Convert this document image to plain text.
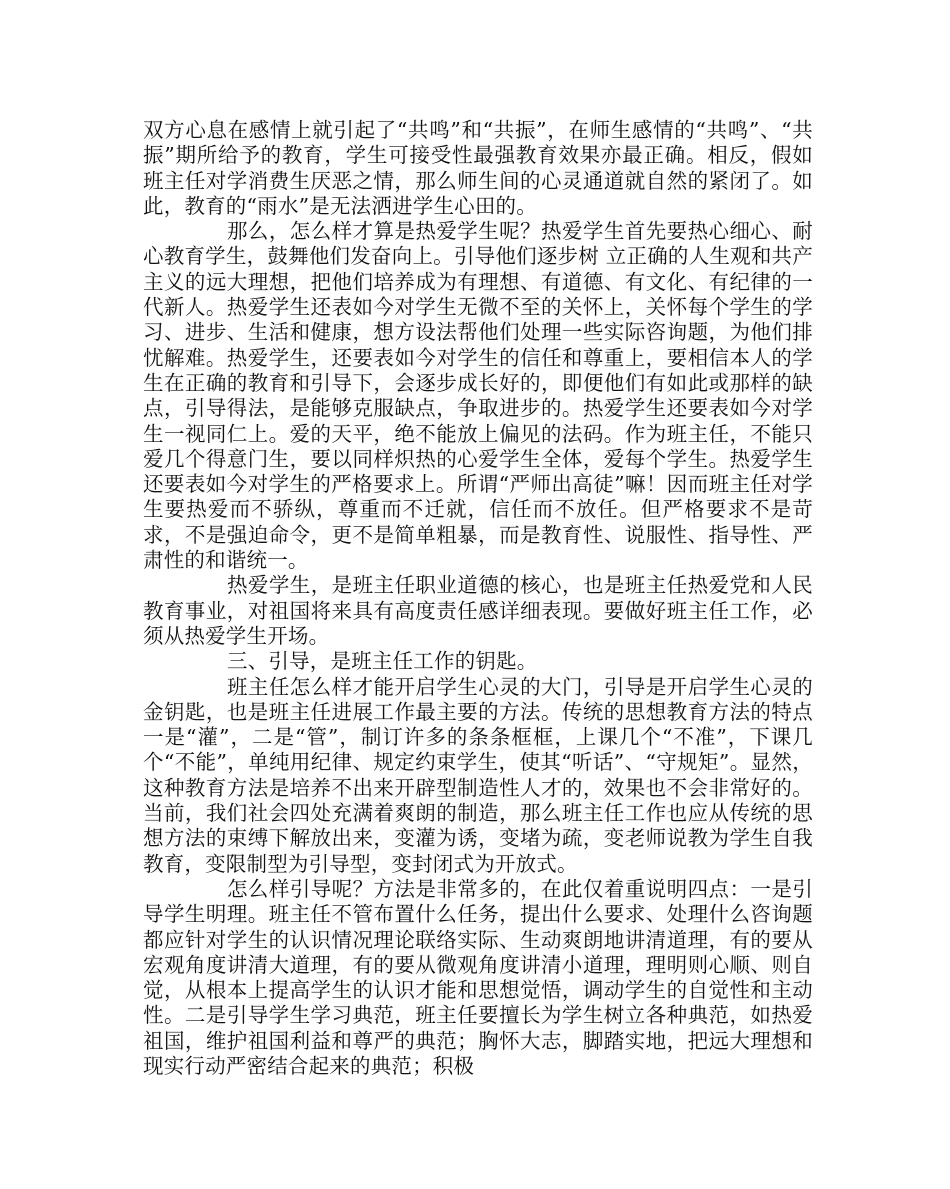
双方心息在感情上就引起了“共鸣”和“共振”，在师生感情的“共鸣”、“共振”期所给予的教育，学生可接受性最强教育效果亦最正确。相反，假如班主任对学消费生厌恶之情，那么师生间的心灵通道就自然的紧闭了。如此，教育的“雨水”是无法洒进学生心田的。

那么，怎么样才算是热爱学生呢？热爱学生首先要热心细心、耐心教育学生，鼓舞他们发奋向上。引导他们逐步树 立正确的人生观和共产主义的远大理想，把他们培养成为有理想、有道德、有文化、有纪律的一代新人。热爱学生还表如今对学生无微不至的关怀上，关怀每个学生的学习、进步、生活和健康，想方设法帮他们处理一些实际咨询题，为他们排忧解难。热爱学生，还要表如今对学生的信任和尊重上，要相信本人的学生在正确的教育和引导下，会逐步成长好的，即便他们有如此或那样的缺点，引导得法，是能够克服缺点，争取进步的。热爱学生还要表如今对学生一视同仁上。爱的天平，绝不能放上偏见的法码。作为班主任，不能只爱几个得意门生，要以同样炽热的心爱学生全体，爱每个学生。热爱学生还要表如今对学生的严格要求上。所谓“严师出高徒”嘛！因而班主任对学生要热爱而不骄纵，尊重而不迁就，信任而不放任。但严格要求不是苛求，不是强迫命令，更不是简单粗暴，而是教育性、说服性、指导性、严肃性的和谐统一。

热爱学生，是班主任职业道德的核心，也是班主任热爱党和人民教育事业，对祖国将来具有高度责任感详细表现。要做好班主任工作，必须从热爱学生开场。

三、引导，是班主任工作的钥匙。

班主任怎么样才能开启学生心灵的大门，引导是开启学生心灵的金钥匙，也是班主任进展工作最主要的方法。传统的思想教育方法的特点一是“灌”，二是“管”，制订许多的条条框框，上课几个“不准”，下课几个“不能”，单纯用纪律、规定约束学生，使其“听话”、“守规矩”。显然，这种教育方法是培养不出来开辟型制造性人才的，效果也不会非常好的。当前，我们社会四处充满着爽朗的制造，那么班主任工作也应从传统的思 想方法的束缚下解放出来，变灌为诱，变堵为疏，变老师说教为学生自我教育，变限制型为引导型，变封闭式为开放式。

怎么样引导呢？方法是非常多的，在此仅着重说明四点：一是引导学生明理。班主任不管布置什么任务，提出什么要求、处理什么咨询题都应针对学生的认识情况理论联络实际、生动爽朗地讲清道理，有的要从宏观角度讲清大道理，有的要从微观角度讲清小道理，理明则心顺、则自觉，从根本上提高学生的认识才能和思想觉悟，调动学生的自觉性和主动性。二是引导学生学习典范，班主任要擅长为学生树立各种典范，如热爱祖国，维护祖国利益和尊严的典范；胸怀大志，脚踏实地，把远大理想和现实行动严密结合起来的典范；积极
